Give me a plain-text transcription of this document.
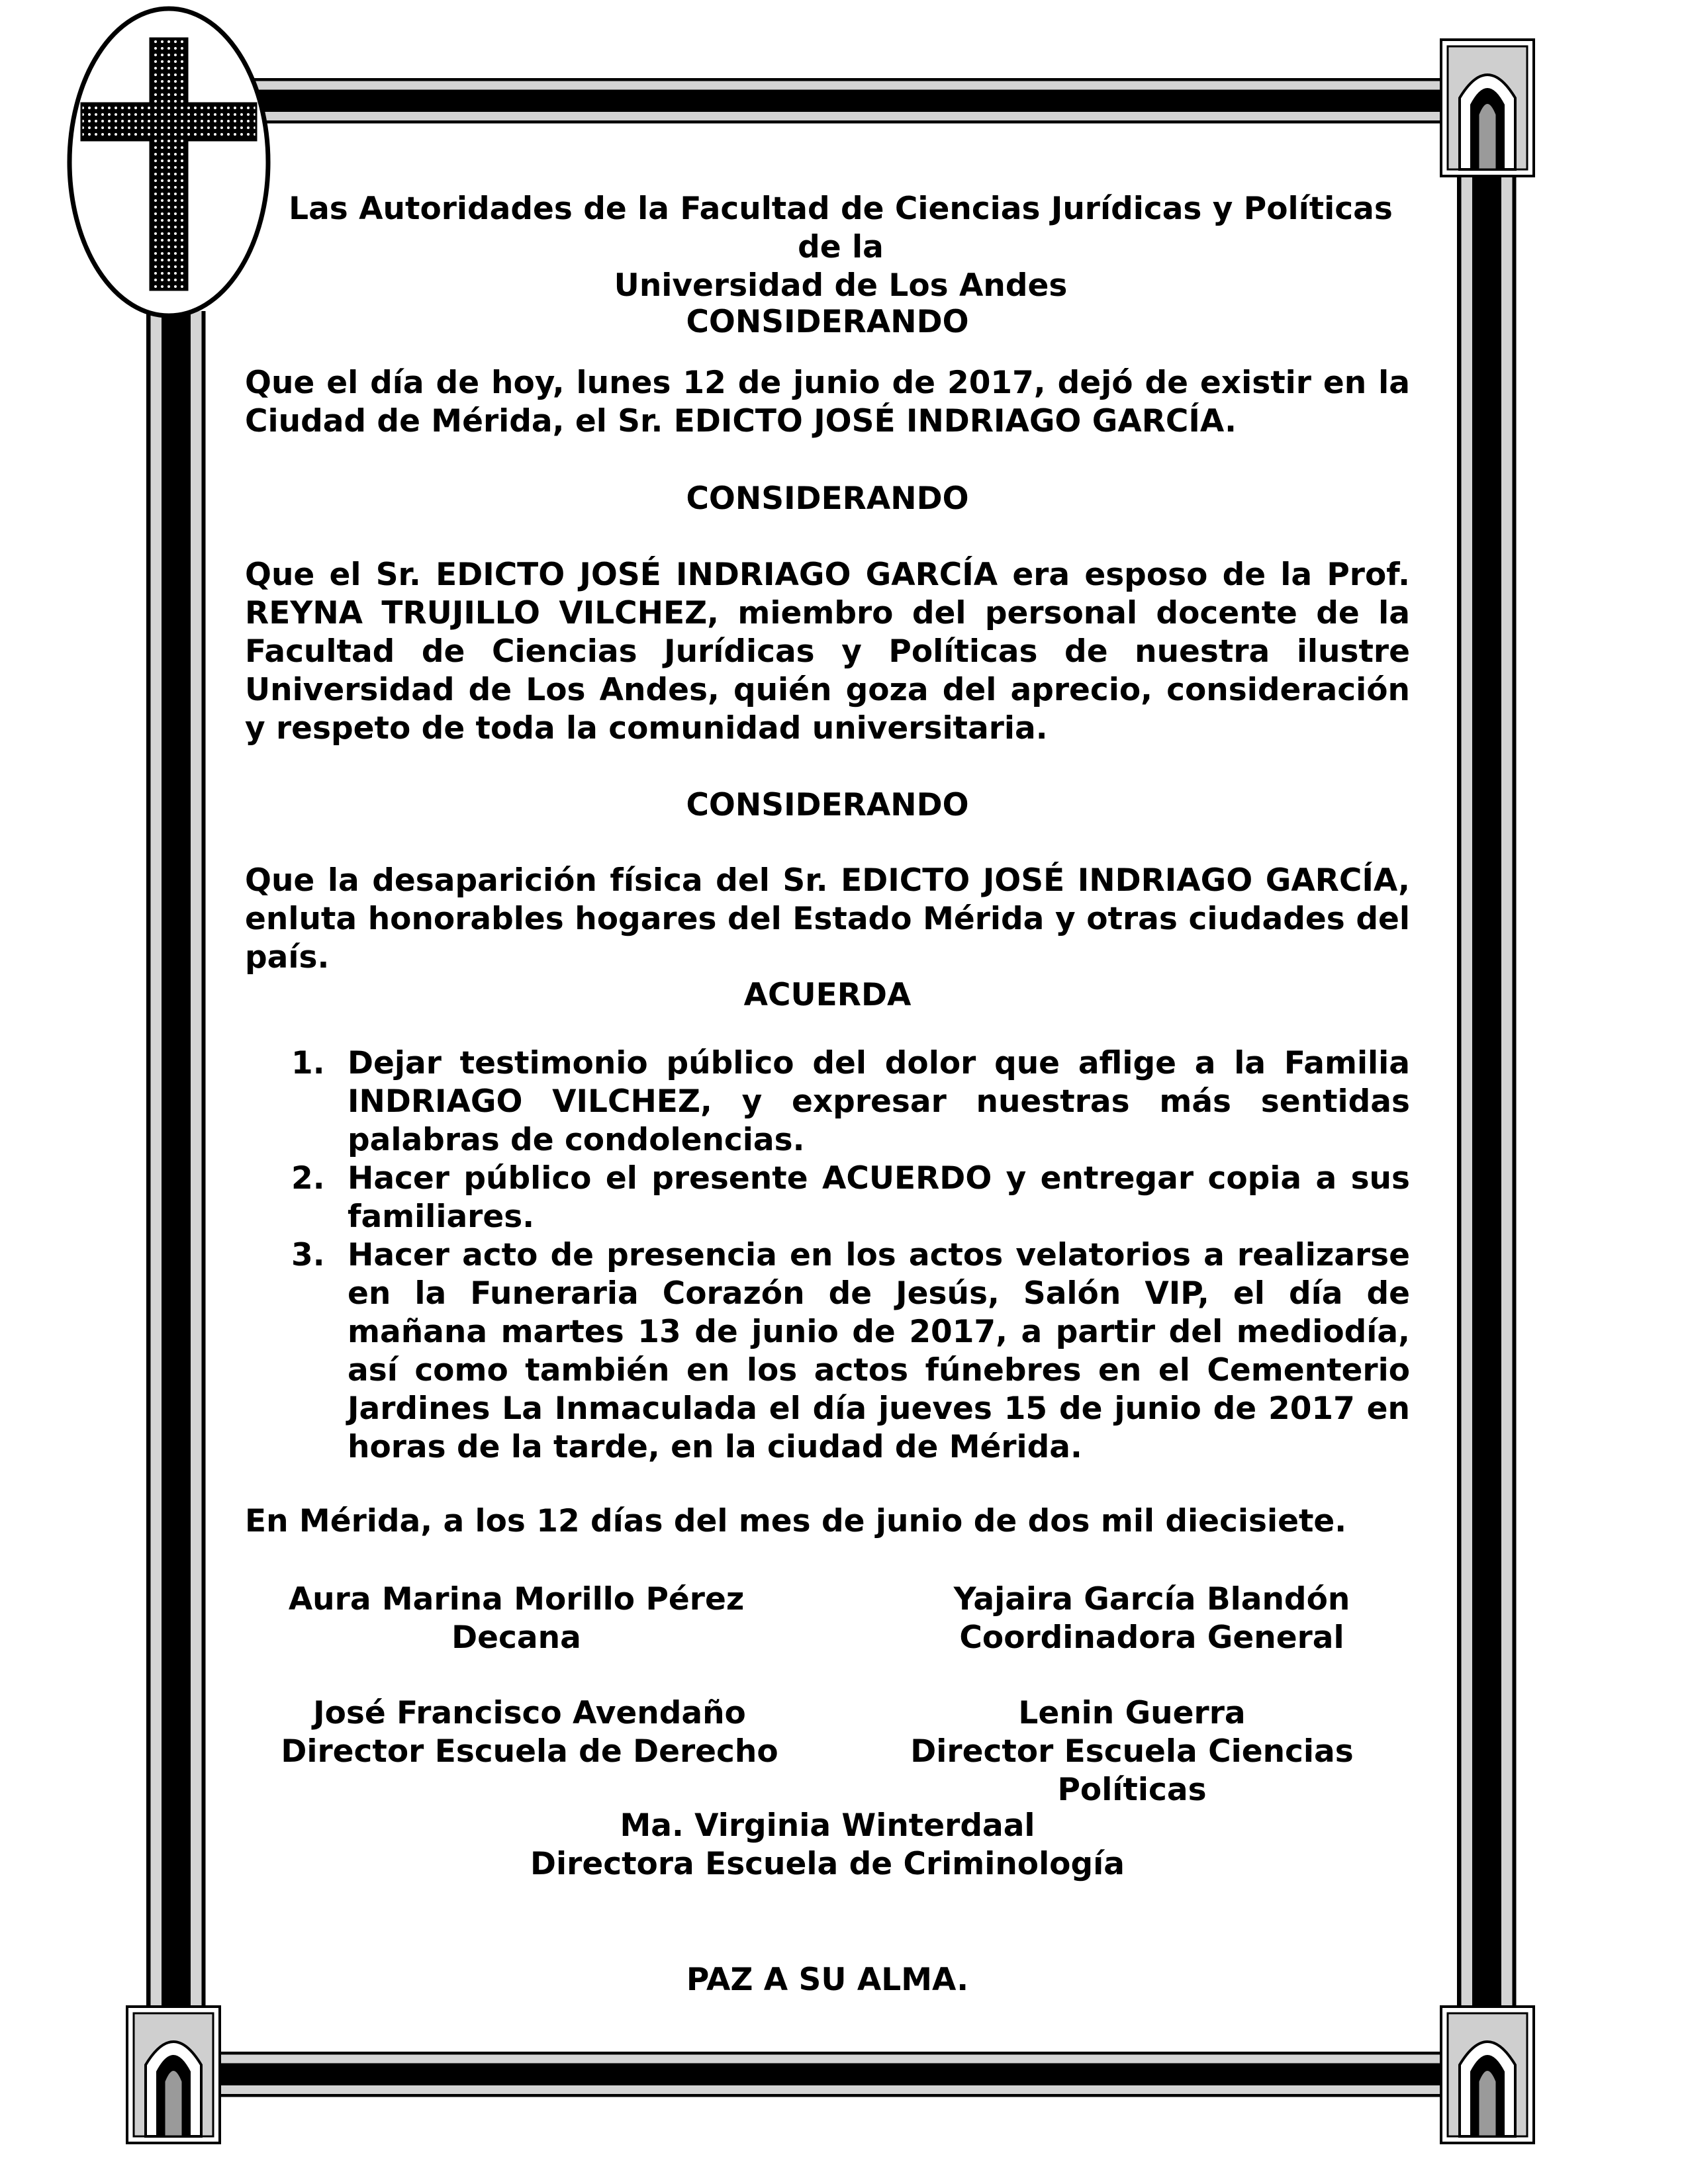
Las Autoridades de la Facultad de Ciencias Jurídicas y Políticas de la
Universidad de Los Andes
CONSIDERANDO
Que el día de hoy, lunes 12 de junio de 2017, dejó de existir en la Ciudad de Mérida, el Sr. EDICTO JOSÉ INDRIAGO GARCÍA.
CONSIDERANDO
Que el Sr. EDICTO JOSÉ INDRIAGO GARCÍA era esposo de la Prof. REYNA TRUJILLO VILCHEZ, miembro del personal docente de la Facultad de Ciencias Jurídicas y Políticas de nuestra ilustre Universidad de Los Andes, quién goza del aprecio, consideración y respeto de toda la comunidad universitaria.
CONSIDERANDO
Que la desaparición física del Sr. EDICTO JOSÉ INDRIAGO GARCÍA, enluta honorables hogares del Estado Mérida y otras ciudades del país.
ACUERDA
1. Dejar testimonio público del dolor que aflige a la Familia INDRIAGO VILCHEZ, y expresar nuestras más sentidas palabras de condolencias.
2. Hacer público el presente ACUERDO y entregar copia a sus familiares.
3. Hacer acto de presencia en los actos velatorios a realizarse en la Funeraria Corazón de Jesús, Salón VIP, el día de mañana martes 13 de junio de 2017, a partir del mediodía, así como también en los actos fúnebres en el Cementerio Jardines La Inmaculada el día jueves 15 de junio de 2017 en horas de la tarde, en la ciudad de Mérida.
En Mérida, a los 12 días del mes de junio de dos mil diecisiete.
Aura Marina Morillo Pérez
Decana
Yajaira García Blandón
Coordinadora General
José Francisco Avendaño
Director Escuela de Derecho
Lenin Guerra
Director Escuela Ciencias Políticas
Ma. Virginia Winterdaal
Directora Escuela de Criminología
PAZ A SU ALMA.
